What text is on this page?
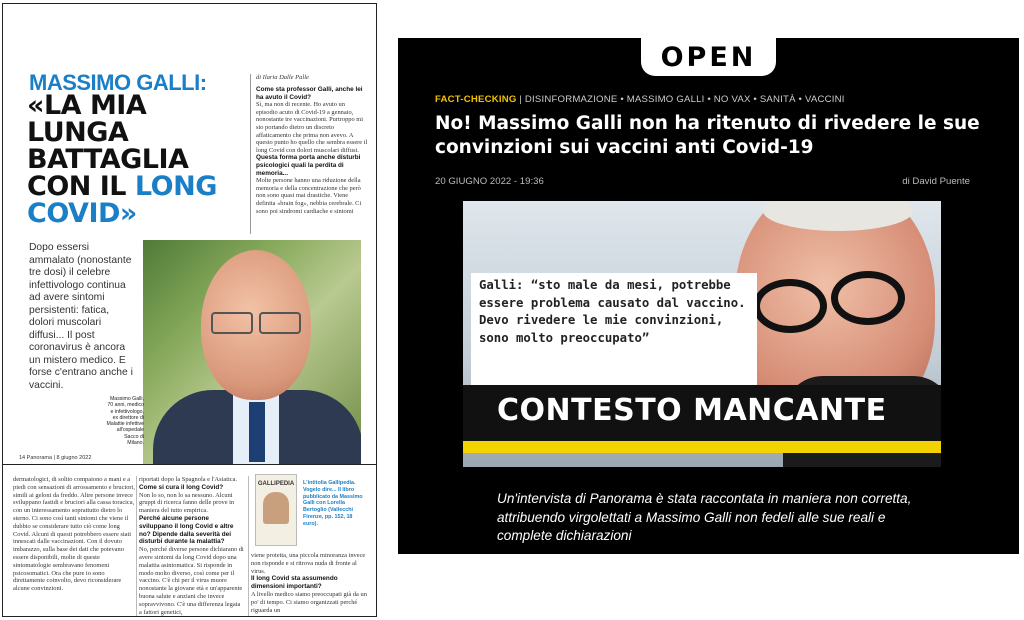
MASSIMO GALLI:
«LA MIA LUNGA BATTAGLIA CON IL LONG COVID»
Dopo essersi ammalato (nonostante tre dosi) il celebre infettivologo continua ad avere sintomi persistenti: fatica, dolori muscolari diffusi... Il post coronavirus è ancora un mistero medico. E forse c'entrano anche i vaccini.
di Ilaria Dalle Palle
Come sta professor Galli, anche lei ha avuto il Covid?
Sì, ma non di recente. Ho avuto un episodio acuto di Covid-19 a gennaio, nonostante tre vaccinazioni. Purtroppo mi sto portando dietro un discreto affaticamento che prima non avevo. A questo punto ho quello che sembra essere il long Covid con dolori muscolari diffusi.
Questa forma porta anche disturbi psicologici quali la perdita di memoria...
Molte persone hanno una riduzione della memoria e della concentrazione che però non sono quasi mai drastiche. Viene definita «brain fog», nebbia cerebrale. Ci sono poi sindromi cardiache e sintomi
Massimo Galli, 70 anni, medico e infettivologo, ex direttore di Malattie infettive all'ospedale Sacco di Milano.
14 Panorama | 8 giugno 2022
dermatologici, di solito compaiono a mani e a piedi con sensazioni di arrossamento e bruciori, simili ai geloni da freddo. Altre persone invece sviluppano fastidi e bruciori alla cassa toracica, con un interessamento soprattutto dietro lo sterno. Ci sono così tanti sintomi che viene il dubbio se considerare tutto ciò come long Covid. Alcuni di questi potrebbero essere stati innescati dalle vaccinazioni. Con il dovuto imbarazzo, sulla base dei dati che potevano essere disponibili, molte di queste sintomatologie sembravano fenomeni psicosomatici. Ora che pure io sono direttamente coinvolto, devo riconsiderare alcune convinzioni.
riportati dopo la Spagnola e l'Asiatica.
Come si cura il long Covid?
Non lo so, non lo sa nessuno. Alcuni gruppi di ricerca fanno delle prove in maniera del tutto empirica.
Perché alcune persone sviluppano il long Covid e altre no? Dipende dalla severità dei disturbi durante la malattia?
No, perché diverse persone dichiarano di avere sintomi da long Covid dopo una malattia asintomatica. Si risponde in modo molto diverso, così come per il vaccino. C'è chi per il virus muore nonostante la giovane età e un'apparente buona salute e anziani che invece sopravvivono. C'è una differenza legata a fattori genetici,
GALLIPEDIA	L'intitolia Gallipedia. Vogelo dire... Il libro pubblicato da Massimo Galli con Lorella Bertoglio (Vallecchi Firenze, pp. 152, 18 euro).
viene protetta, una piccola minoranza invece non risponde e si ritrova nuda di fronte al virus.
Il long Covid sta assumendo dimensioni importanti?
A livello medico siamo preoccupati già da un po' di tempo. Ci siamo organizzati perché riguarda un
OPEN
FACT-CHECKING | DISINFORMAZIONE • MASSIMO GALLI • NO VAX • SANITÀ • VACCINI
No! Massimo Galli non ha ritenuto di rivedere le sue convinzioni sui vaccini anti Covid-19
20 GIUGNO 2022 - 19:36	di David Puente
Galli: “sto male da mesi, potrebbe essere problema causato dal vaccino. Devo rivedere le mie convinzioni, sono molto preoccupato”
CONTESTO MANCANTE
Un'intervista di Panorama è stata raccontata in maniera non corretta, attribuendo virgolettati a Massimo Galli non fedeli alle sue reali e complete dichiarazioni
